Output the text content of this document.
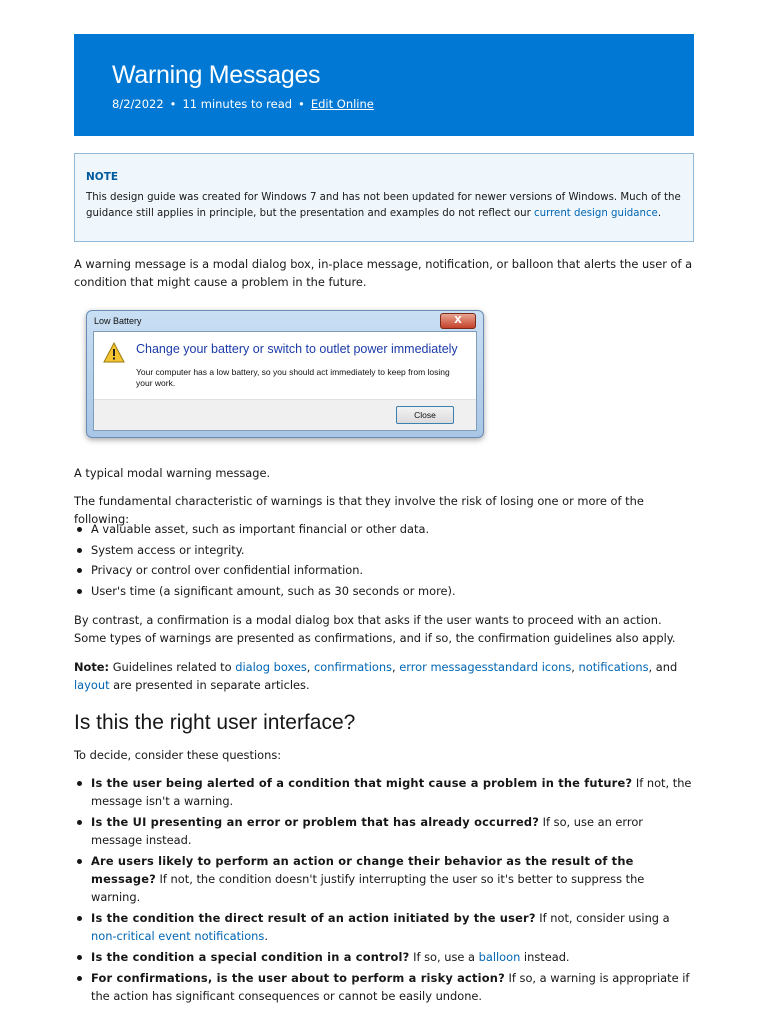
Warning Messages
8/2/2022 • 11 minutes to read • Edit Online
NOTE
This design guide was created for Windows 7 and has not been updated for newer versions of Windows. Much of the guidance still applies in principle, but the presentation and examples do not reflect our current design guidance.

A warning message is a modal dialog box, in-place message, notification, or balloon that alerts the user of a condition that might cause a problem in the future.

Low Battery	X
Change your battery or switch to outlet power immediately
Your computer has a low battery, so you should act immediately to keep from losing your work.
Close

A typical modal warning message.

The fundamental characteristic of warnings is that they involve the risk of losing one or more of the following:

A valuable asset, such as important financial or other data.
System access or integrity.
Privacy or control over confidential information.
User's time (a significant amount, such as 30 seconds or more).

By contrast, a confirmation is a modal dialog box that asks if the user wants to proceed with an action. Some types of warnings are presented as confirmations, and if so, the confirmation guidelines also apply.

Note: Guidelines related to dialog boxes, confirmations, error messagesstandard icons, notifications, and layout are presented in separate articles.

Is this the right user interface?

To decide, consider these questions:

Is the user being alerted of a condition that might cause a problem in the future? If not, the message isn't a warning.
Is the UI presenting an error or problem that has already occurred? If so, use an error message instead.
Are users likely to perform an action or change their behavior as the result of the message? If not, the condition doesn't justify interrupting the user so it's better to suppress the warning.
Is the condition the direct result of an action initiated by the user? If not, consider using a non-critical event notifications.
Is the condition a special condition in a control? If so, use a balloon instead.
For confirmations, is the user about to perform a risky action? If so, a warning is appropriate if the action has significant consequences or cannot be easily undone.
